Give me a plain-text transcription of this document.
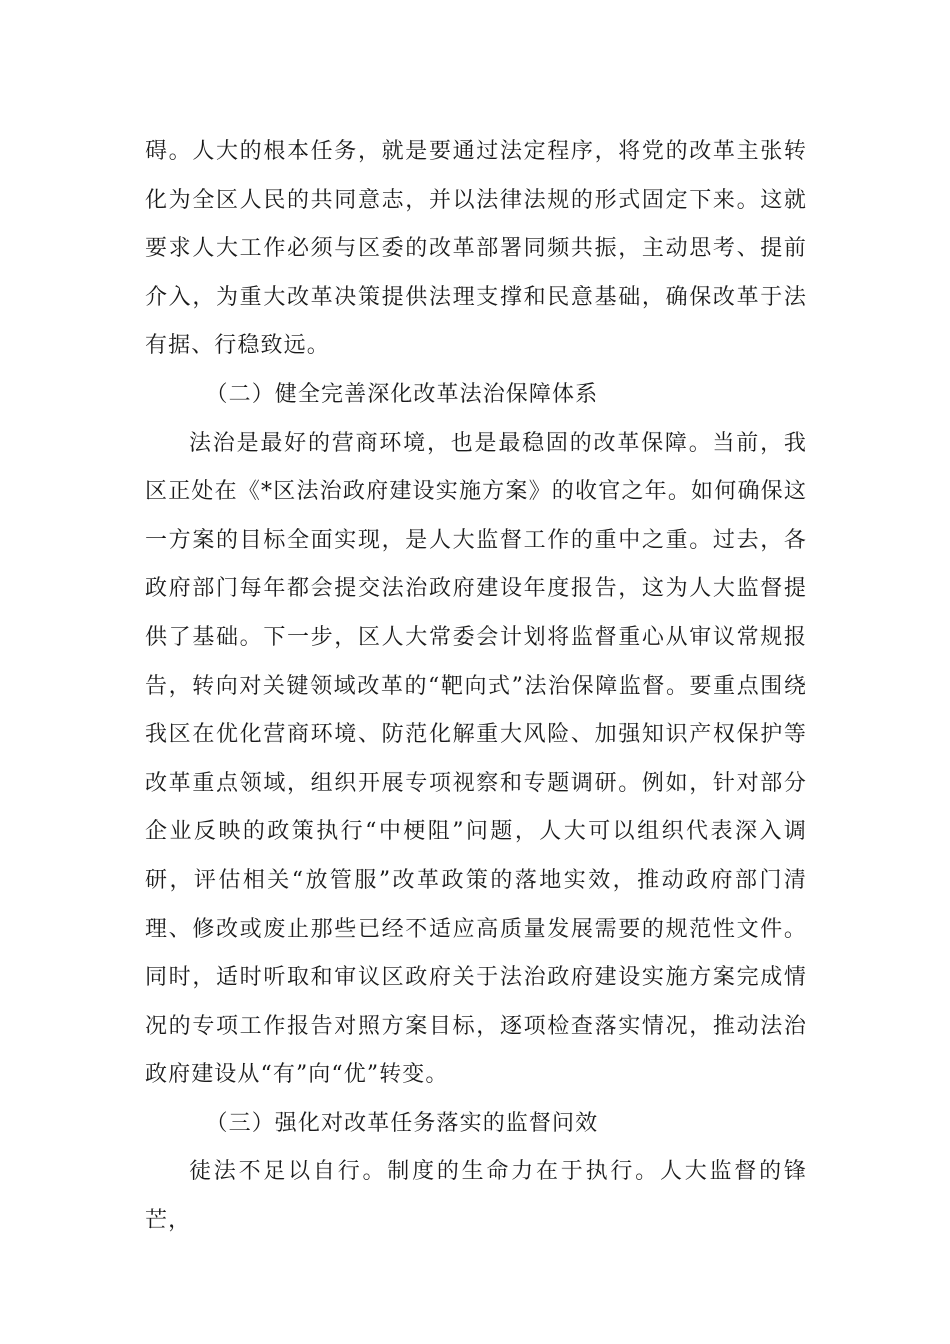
碍。人大的根本任务，就是要通过法定程序，将党的改革主张转化为全区人民的共同意志，并以法律法规的形式固定下来。这就要求人大工作必须与区委的改革部署同频共振，主动思考、提前介入，为重大改革决策提供法理支撑和民意基础，确保改革于法有据、行稳致远。

（二）健全完善深化改革法治保障体系

法治是最好的营商环境，也是最稳固的改革保障。当前，我区正处在《*区法治政府建设实施方案》的收官之年。如何确保这一方案的目标全面实现，是人大监督工作的重中之重。过去，各政府部门每年都会提交法治政府建设年度报告，这为人大监督提供了基础。下一步，区人大常委会计划将监督重心从审议常规报告，转向对关键领域改革的“靶向式”法治保障监督。要重点围绕我区在优化营商环境、防范化解重大风险、加强知识产权保护等改革重点领域，组织开展专项视察和专题调研。例如，针对部分企业反映的政策执行“中梗阻”问题，人大可以组织代表深入调研，评估相关“放管服”改革政策的落地实效，推动政府部门清理、修改或废止那些已经不适应高质量发展需要的规范性文件。同时，适时听取和审议区政府关于法治政府建设实施方案完成情况的专项工作报告对照方案目标，逐项检查落实情况，推动法治政府建设从“有”向“优”转变。

（三）强化对改革任务落实的监督问效

徒法不足以自行。制度的生命力在于执行。人大监督的锋芒，
